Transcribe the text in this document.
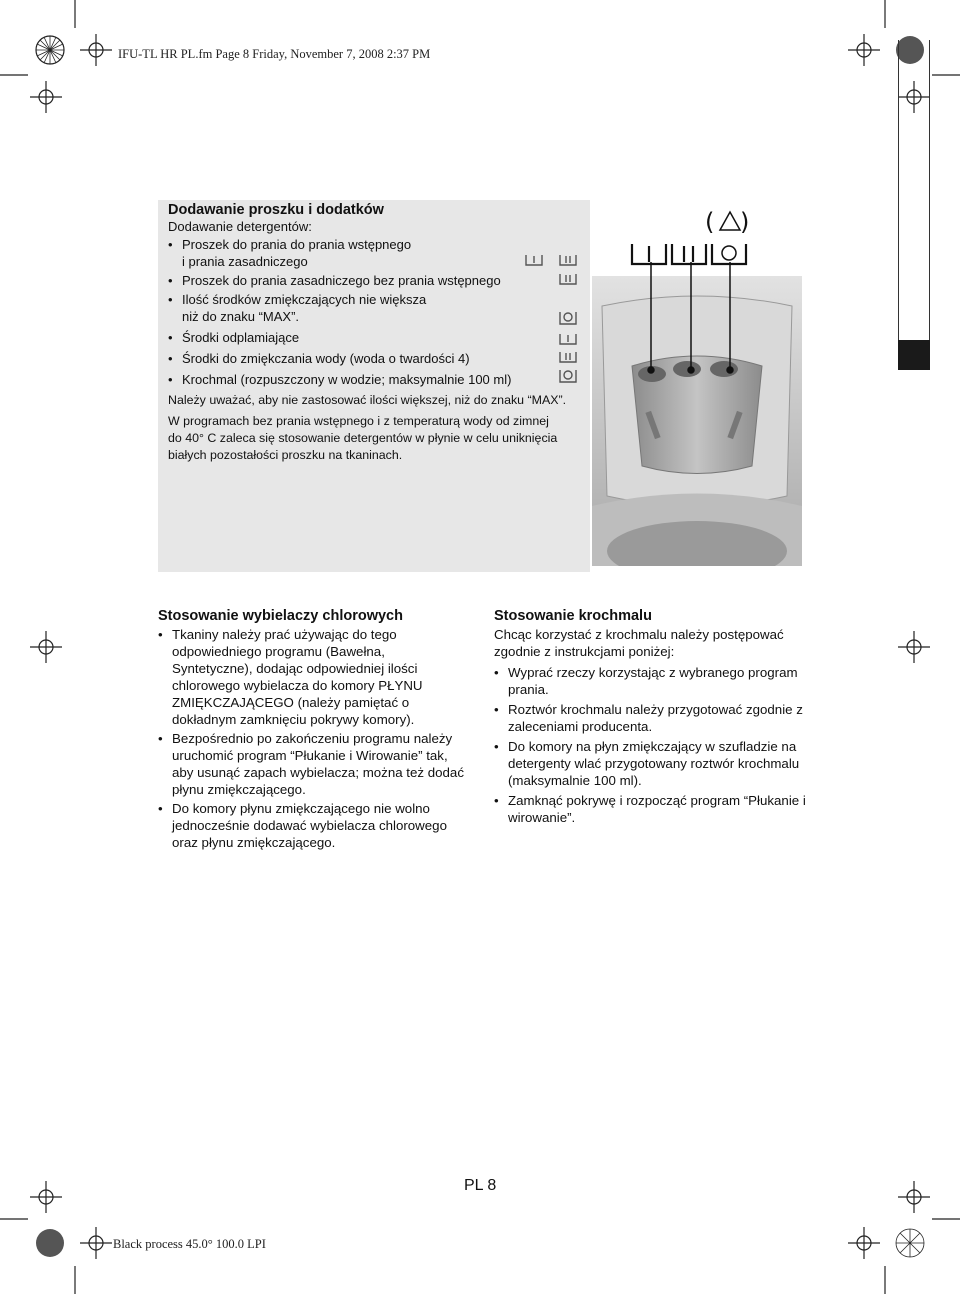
IFU-TL HR PL.fm Page 8 Friday, November 7, 2008 2:37 PM
Black process 45.0° 100.0 LPI
Dodawanie proszku i dodatków
Dodawanie detergentów:
• Proszek do prania do prania wstępnego
i prania zasadniczego
• Proszek do prania zasadniczego bez prania wstępnego
• Ilość środków zmiękczających nie większa
niż do znaku “MAX”.
• Środki odplamiające
• Środki do zmiękczania wody (woda o twardości 4)
• Krochmal (rozpuszczony w wodzie; maksymalnie 100 ml)
Należy uważać, aby nie zastosować ilości większej, niż do znaku “MAX”.
W programach bez prania wstępnego i z temperaturą wody od zimnej
do 40° C zaleca się stosowanie detergentów w płynie w celu uniknięcia
białych pozostałości proszku na tkaninach.
( )
Stosowanie wybielaczy chlorowych
• Tkaniny należy prać używając do tego
odpowiedniego programu (Bawełna,
Syntetyczne), dodając odpowiedniej ilości
chlorowego wybielacza do komory PŁYNU
ZMIĘKCZAJĄCEGO (należy pamiętać o
dokładnym zamknięciu pokrywy komory).
• Bezpośrednio po zakończeniu programu należy
uruchomić program “Płukanie i Wirowanie” tak,
aby usunąć zapach wybielacza; można też dodać
płynu zmiękczającego.
• Do komory płynu zmiękczającego nie wolno
jednocześnie dodawać wybielacza chlorowego
oraz płynu zmiękczającego.
Stosowanie krochmalu
Chcąc korzystać z krochmalu należy postępować
zgodnie z instrukcjami poniżej:
• Wyprać rzeczy korzystając z wybranego program
prania.
• Roztwór krochmalu należy przygotować zgodnie z
zaleceniami producenta.
• Do komory na płyn zmiękczający w szufladzie na
detergenty wlać przygotowany roztwór krochmalu
(maksymalnie 100 ml).
• Zamknąć pokrywę i rozpocząć program “Płukanie i
wirowanie”.
PL 8
